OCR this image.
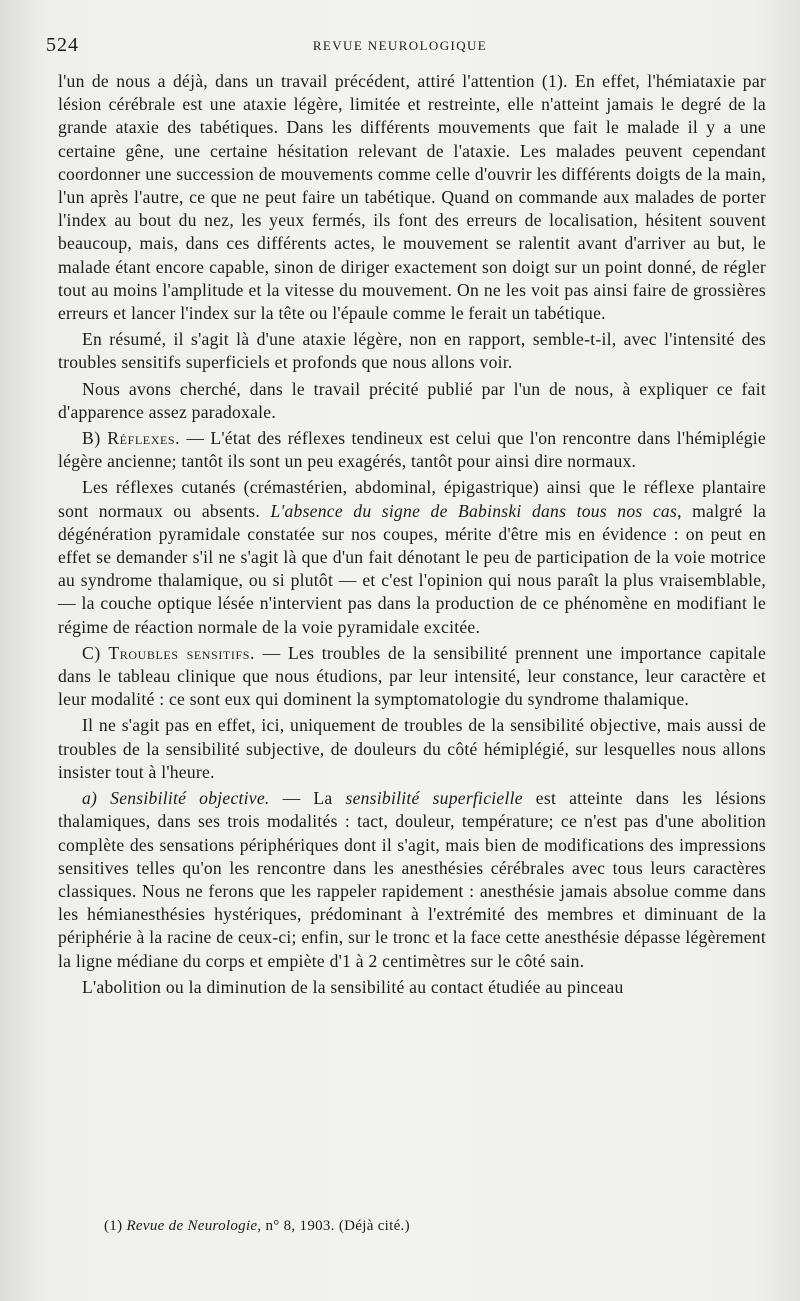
524	REVUE NEUROLOGIQUE

l'un de nous a déjà, dans un travail précédent, attiré l'attention (1). En effet, l'hémiataxie par lésion cérébrale est une ataxie légère, limitée et restreinte, elle n'atteint jamais le degré de la grande ataxie des tabétiques. Dans les différents mouvements que fait le malade il y a une certaine gêne, une certaine hésitation relevant de l'ataxie. Les malades peuvent cependant coordonner une succession de mouvements comme celle d'ouvrir les différents doigts de la main, l'un après l'autre, ce que ne peut faire un tabétique. Quand on commande aux malades de porter l'index au bout du nez, les yeux fermés, ils font des erreurs de localisation, hésitent souvent beaucoup, mais, dans ces différents actes, le mouvement se ralentit avant d'arriver au but, le malade étant encore capable, sinon de diriger exactement son doigt sur un point donné, de régler tout au moins l'amplitude et la vitesse du mouvement. On ne les voit pas ainsi faire de grossières erreurs et lancer l'index sur la tête ou l'épaule comme le ferait un tabétique.

En résumé, il s'agit là d'une ataxie légère, non en rapport, semble-t-il, avec l'intensité des troubles sensitifs superficiels et profonds que nous allons voir.

Nous avons cherché, dans le travail précité publié par l'un de nous, à expliquer ce fait d'apparence assez paradoxale.

B) Réflexes. — L'état des réflexes tendineux est celui que l'on rencontre dans l'hémiplégie légère ancienne; tantôt ils sont un peu exagérés, tantôt pour ainsi dire normaux.

Les réflexes cutanés (crémastérien, abdominal, épigastrique) ainsi que le réflexe plantaire sont normaux ou absents. L'absence du signe de Babinski dans tous nos cas, malgré la dégénération pyramidale constatée sur nos coupes, mérite d'être mis en évidence : on peut en effet se demander s'il ne s'agit là que d'un fait dénotant le peu de participation de la voie motrice au syndrome thalamique, ou si plutôt — et c'est l'opinion qui nous paraît la plus vraisemblable, — la couche optique lésée n'intervient pas dans la production de ce phénomène en modifiant le régime de réaction normale de la voie pyramidale excitée.

C) Troubles sensitifs. — Les troubles de la sensibilité prennent une importance capitale dans le tableau clinique que nous étudions, par leur intensité, leur constance, leur caractère et leur modalité : ce sont eux qui dominent la symptomatologie du syndrome thalamique.

Il ne s'agit pas en effet, ici, uniquement de troubles de la sensibilité objective, mais aussi de troubles de la sensibilité subjective, de douleurs du côté hémiplégié, sur lesquelles nous allons insister tout à l'heure.

a) Sensibilité objective. — La sensibilité superficielle est atteinte dans les lésions thalamiques, dans ses trois modalités : tact, douleur, température; ce n'est pas d'une abolition complète des sensations périphériques dont il s'agit, mais bien de modifications des impressions sensitives telles qu'on les rencontre dans les anesthésies cérébrales avec tous leurs caractères classiques. Nous ne ferons que les rappeler rapidement : anesthésie jamais absolue comme dans les hémianesthésies hystériques, prédominant à l'extrémité des membres et diminuant de la périphérie à la racine de ceux-ci; enfin, sur le tronc et la face cette anesthésie dépasse légèrement la ligne médiane du corps et empiète d'1 à 2 centimètres sur le côté sain.

L'abolition ou la diminution de la sensibilité au contact étudiée au pinceau

(1) Revue de Neurologie, n° 8, 1903. (Déjà cité.)
